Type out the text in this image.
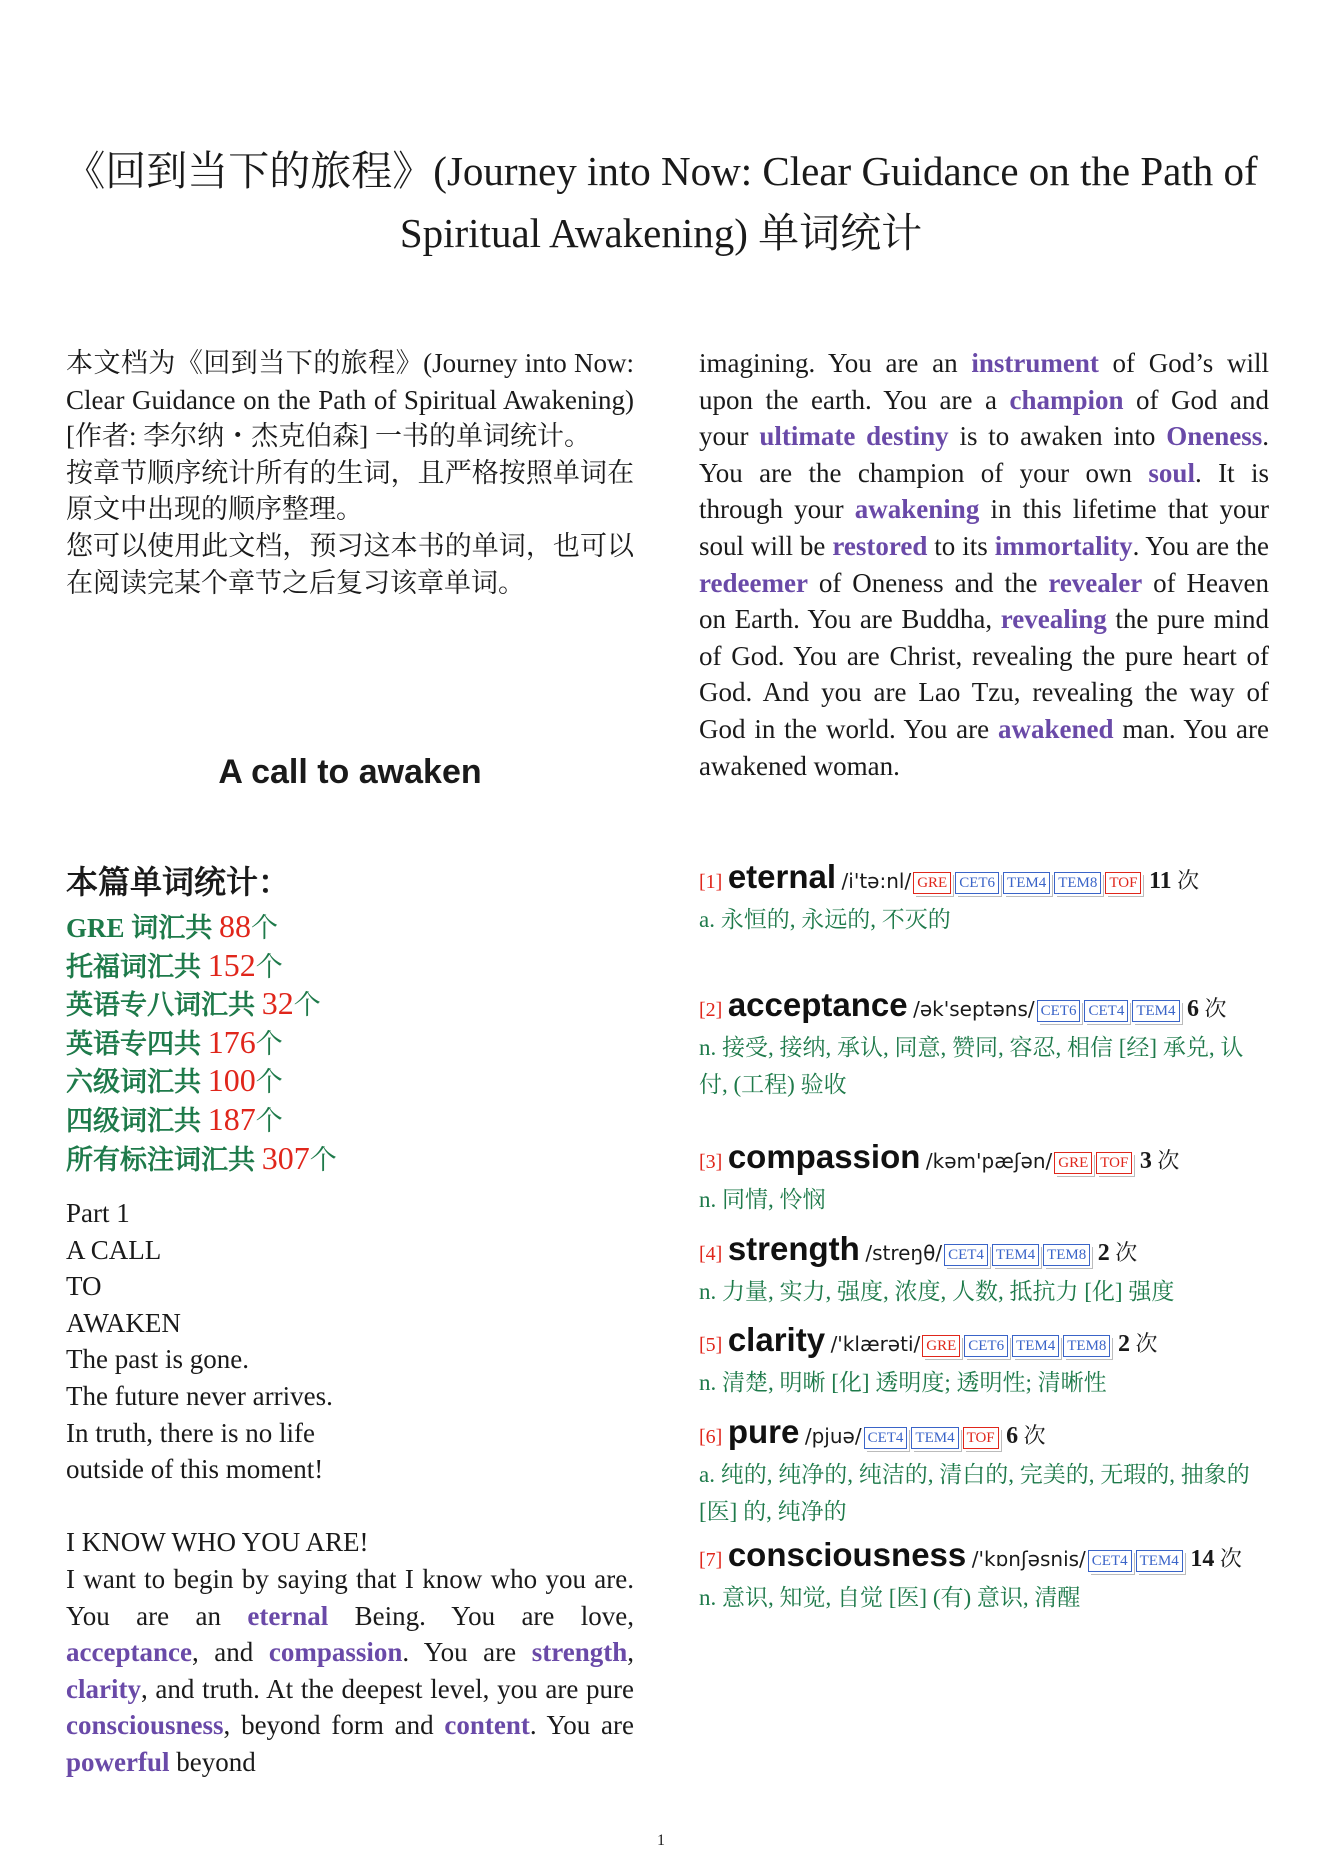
《回到当下的旅程》(Journey into Now: Clear Guidance on the Path of Spiritual Awakening) 单词统计

本文档为《回到当下的旅程》(Journey into Now: Clear Guidance on the Path of Spiritual Awakening)[作者: 李尔纳・杰克伯森] 一书的单词统计。

按章节顺序统计所有的生词，且严格按照单词在原文中出现的顺序整理。

您可以使用此文档，预习这本书的单词，也可以在阅读完某个章节之后复习该章单词。

A call to awaken
本篇单词统计：
GRE 词汇共 88个
托福词汇共 152个
英语专八词汇共 32个
英语专四共 176个
六级词汇共 100个
四级词汇共 187个
所有标注词汇共 307个
Part 1
A CALL
TO
AWAKEN
The past is gone.
The future never arrives.
In truth, there is no life
outside of this moment!
I KNOW WHO YOU ARE!
I want to begin by saying that I know who you are. You are an eternal Being. You are love, acceptance, and compassion. You are strength, clarity, and truth. At the deepest level, you are pure consciousness, beyond form and content. You are powerful beyond
imagining. You are an instrument of God’s will upon the earth. You are a champion of God and your ultimate destiny is to awaken into Oneness. You are the champion of your own soul. It is through your awakening in this lifetime that your soul will be restored to its immortality. You are the redeemer of Oneness and the revealer of Heaven on Earth. You are Buddha, revealing the pure mind of God. You are Christ, revealing the pure heart of God. And you are Lao Tzu, revealing the way of God in the world. You are awakened man. You are awakened woman.
[1] eternal /i'tə:nl/ GRE CET6 TEM4 TEM8 TOF 11 次
a. 永恒的, 永远的, 不灭的
[2] acceptance /ək'septəns/ CET6 CET4 TEM4 6 次
n. 接受, 接纳, 承认, 同意, 赞同, 容忍, 相信 [经] 承兑, 认付, (工程) 验收
[3] compassion /kəm'pæʃən/ GRE TOF 3 次
n. 同情, 怜悯
[4] strength /streŋθ/ CET4 TEM4 TEM8 2 次
n. 力量, 实力, 强度, 浓度, 人数, 抵抗力 [化] 强度
[5] clarity /'klærəti/ GRE CET6 TEM4 TEM8 2 次
n. 清楚, 明晰 [化] 透明度; 透明性; 清晰性
[6] pure /pjuə/ CET4 TEM4 TOF 6 次
a. 纯的, 纯净的, 纯洁的, 清白的, 完美的, 无瑕的, 抽象的 [医] 的, 纯净的
[7] consciousness /'kɒnʃəsnis/ CET4 TEM4 14 次
n. 意识, 知觉, 自觉 [医] (有) 意识, 清醒
1
